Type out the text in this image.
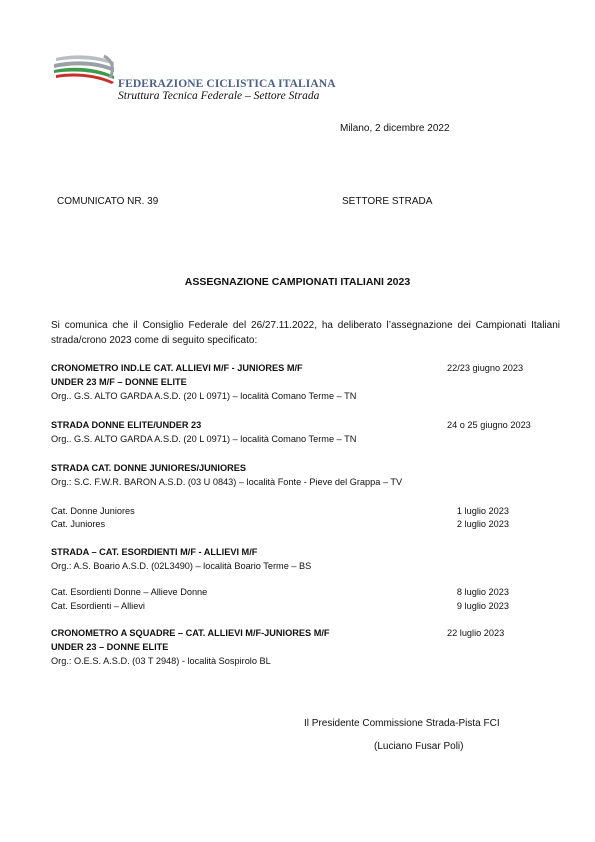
FEDERAZIONE CICLISTICA ITALIANA
Struttura Tecnica Federale – Settore Strada
Milano, 2 dicembre 2022
COMUNICATO NR. 39	SETTORE STRADA
ASSEGNAZIONE CAMPIONATI ITALIANI 2023
Si comunica che il Consiglio Federale del 26/27.11.2022, ha deliberato l’assegnazione dei Campionati Italiani strada/crono 2023 come di seguito specificato:
CRONOMETRO IND.LE CAT. ALLIEVI M/F - JUNIORES M/F	22/23 giugno 2023
UNDER 23 M/F – DONNE ELITE
Org.. G.S. ALTO GARDA A.S.D. (20 L 0971) – località Comano Terme – TN
STRADA DONNE ELITE/UNDER 23	24 o 25 giugno 2023
Org.. G.S. ALTO GARDA A.S.D. (20 L 0971) – località Comano Terme – TN
STRADA CAT. DONNE JUNIORES/JUNIORES
Org.: S.C. F.W.R. BARON A.S.D. (03 U 0843) – località Fonte - Pieve del Grappa – TV
Cat. Donne Juniores	1 luglio 2023
Cat. Juniores	2 luglio 2023
STRADA – CAT. ESORDIENTI M/F - ALLIEVI M/F
Org.: A.S. Boario A.S.D. (02L3490) – località Boario Terme – BS
Cat. Esordienti Donne – Allieve Donne	8 luglio 2023
Cat. Esordienti – Allievi	9 luglio 2023
CRONOMETRO A SQUADRE – CAT. ALLIEVI M/F-JUNIORES M/F	22 luglio 2023
UNDER 23 – DONNE ELITE
Org.: O.E.S. A.S.D. (03 T 2948) - località Sospirolo BL
Il Presidente Commissione Strada-Pista FCI
(Luciano Fusar Poli)
